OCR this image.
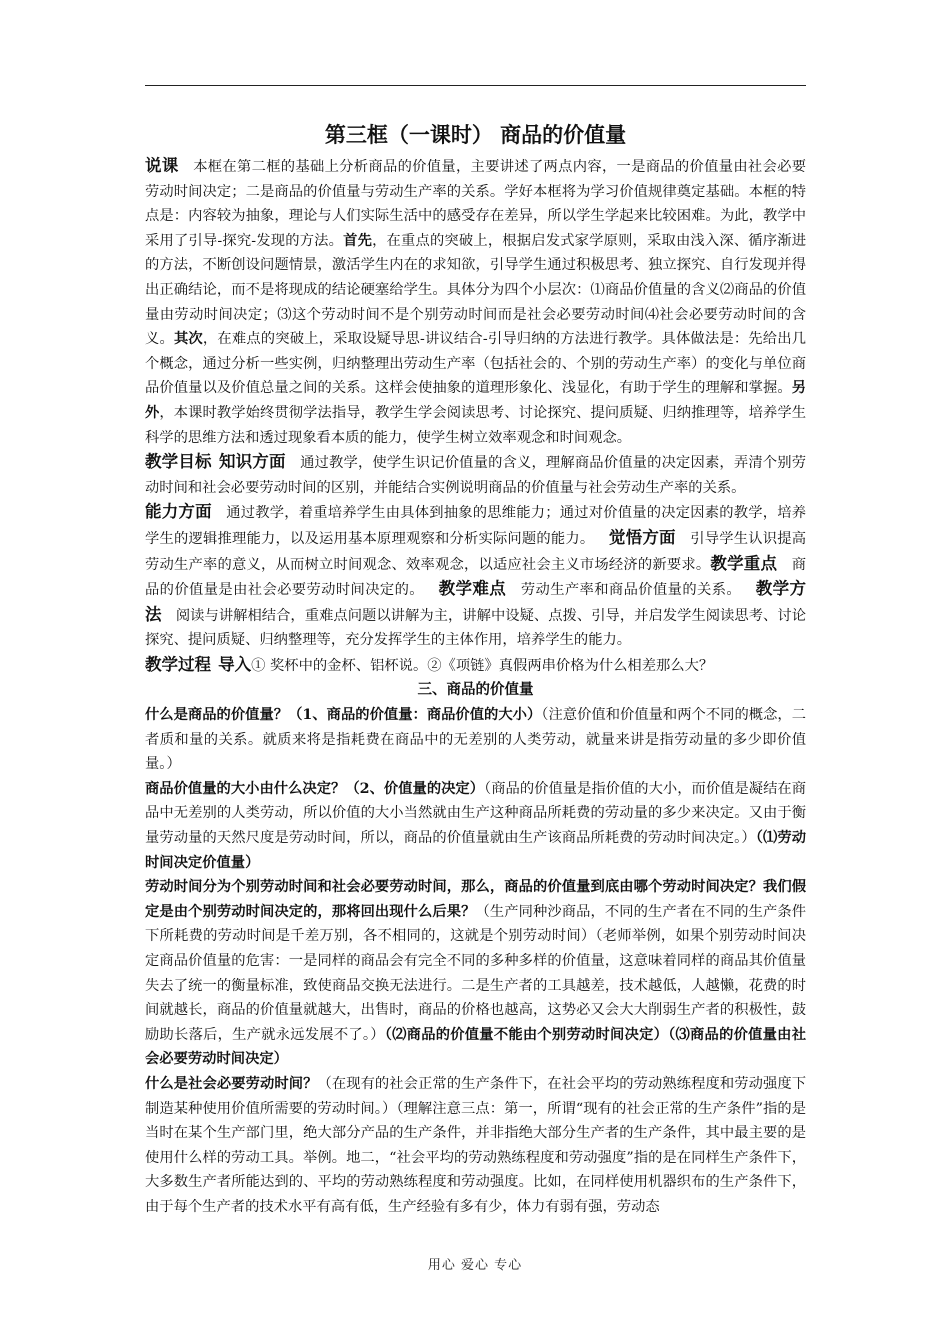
第三框（一课时） 商品的价值量

说课  本框在第二框的基础上分析商品的价值量，主要讲述了两点内容，一是商品的价值量由社会必要劳动时间决定；二是商品的价值量与劳动生产率的关系。学好本框将为学习价值规律奠定基础。本框的特点是：内容较为抽象，理论与人们实际生活中的感受存在差异，所以学生学起来比较困难。为此，教学中采用了引导-探究-发现的方法。首先，在重点的突破上，根据启发式家学原则，采取由浅入深、循序渐进的方法，不断创设问题情景，激活学生内在的求知欲，引导学生通过积极思考、独立探究、自行发现并得出正确结论，而不是将现成的结论硬塞给学生。具体分为四个小层次：⑴商品价值量的含义⑵商品的价值量由劳动时间决定；⑶这个劳动时间不是个别劳动时间而是社会必要劳动时间⑷社会必要劳动时间的含义。其次，在难点的突破上，采取设疑导思-讲议结合-引导归纳的方法进行教学。具体做法是：先给出几个概念，通过分析一些实例，归纳整理出劳动生产率（包括社会的、个别的劳动生产率）的变化与单位商品价值量以及价值总量之间的关系。这样会使抽象的道理形象化、浅显化，有助于学生的理解和掌握。另外，本课时教学始终贯彻学法指导，教学生学会阅读思考、讨论探究、提问质疑、归纳推理等，培养学生科学的思维方法和透过现象看本质的能力，使学生树立效率观念和时间观念。

教学目标  知识方面  通过教学，使学生识记价值量的含义，理解商品价值量的决定因素，弄清个别劳动时间和社会必要劳动时间的区别，并能结合实例说明商品的价值量与社会劳动生产率的关系。

能力方面  通过教学，着重培养学生由具体到抽象的思维能力；通过对价值量的决定因素的教学，培养学生的逻辑推理能力，以及运用基本原理观察和分析实际问题的能力。  觉悟方面  引导学生认识提高劳动生产率的意义，从而树立时间观念、效率观念，以适应社会主义市场经济的新要求。教学重点  商品的价值量是由社会必要劳动时间决定的。  教学难点  劳动生产率和商品价值量的关系。  教学方法  阅读与讲解相结合，重难点问题以讲解为主，讲解中设疑、点拨、引导，并启发学生阅读思考、讨论探究、提问质疑、归纳整理等，充分发挥学生的主体作用，培养学生的能力。

教学过程  导入① 奖杯中的金杯、铝杯说。②《项链》真假两串价格为什么相差那么大？

三、商品的价值量

什么是商品的价值量？（1、商品的价值量：商品价值的大小）（注意价值和价值量和两个不同的概念，二者质和量的关系。就质来将是指耗费在商品中的无差别的人类劳动，就量来讲是指劳动量的多少即价值量。）

商品价值量的大小由什么决定？（2、价值量的决定）（商品的价值量是指价值的大小，而价值是凝结在商品中无差别的人类劳动，所以价值的大小当然就由生产这种商品所耗费的劳动量的多少来决定。又由于衡量劳动量的天然尺度是劳动时间，所以，商品的价值量就由生产该商品所耗费的劳动时间决定。）（⑴劳动时间决定价值量）

劳动时间分为个别劳动时间和社会必要劳动时间，那么，商品的价值量到底由哪个劳动时间决定？我们假定是由个别劳动时间决定的，那将回出现什么后果？（生产同种沙商品，不同的生产者在不同的生产条件下所耗费的劳动时间是千差万别，各不相同的，这就是个别劳动时间）（老师举例，如果个别劳动时间决定商品价值量的危害：一是同样的商品会有完全不同的多种多样的价值量，这意味着同样的商品其价值量失去了统一的衡量标准，致使商品交换无法进行。二是生产者的工具越差，技术越低，人越懒，花费的时间就越长，商品的价值量就越大，出售时，商品的价格也越高，这势必又会大大削弱生产者的积极性，鼓励助长落后，生产就永远发展不了。）（⑵商品的价值量不能由个别劳动时间决定）（⑶商品的价值量由社会必要劳动时间决定）

什么是社会必要劳动时间？（在现有的社会正常的生产条件下，在社会平均的劳动熟练程度和劳动强度下制造某种使用价值所需要的劳动时间。）（理解注意三点：第一，所谓“现有的社会正常的生产条件”指的是当时在某个生产部门里，绝大部分产品的生产条件，并非指绝大部分生产者的生产条件，其中最主要的是使用什么样的劳动工具。举例。地二，“社会平均的劳动熟练程度和劳动强度”指的是在同样生产条件下，大多数生产者所能达到的、平均的劳动熟练程度和劳动强度。比如，在同样使用机器织布的生产条件下，由于每个生产者的技术水平有高有低，生产经验有多有少，体力有弱有强，劳动态

用心 爱心 专心
